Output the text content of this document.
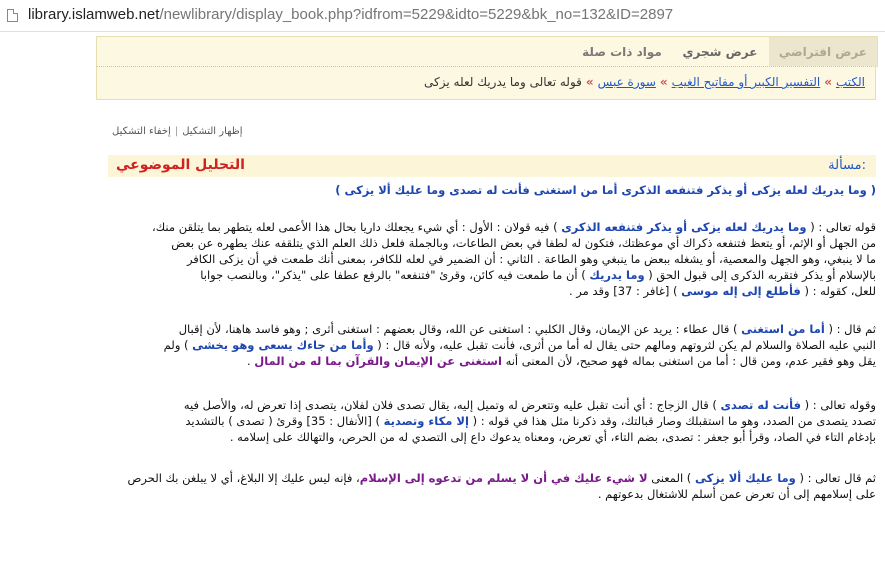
library.islamweb.net/newlibrary/display_book.php?idfrom=5229&idto=5229&bk_no=132&ID=2897
عرض افتراضي
عرض شجري
مواد ذات صلة
الكتب»التفسير الكبير أو مفاتيح الغيب»سورة عبس»قوله تعالى وما يدريك لعله يزكى
إظهار التشكيل|إخفاء التشكيل
مسألة:
التحليل الموضوعي
( وما يدريك لعله يزكى أو يذكر فتنفعه الذكرى أما من استغنى فأنت له تصدى وما عليك ألا يزكى )
قوله تعالى : ( وما يدريك لعله يزكى أو يذكر فتنفعه الذكرى ) فيه قولان : الأول : أي شيء يجعلك داريا بحال هذا الأعمى لعله يتطهر بما يتلقن منك،
من الجهل أو الإثم، أو يتعظ فتنفعه ذكراك أي موعظتك، فتكون له لطفا في بعض الطاعات، وبالجملة فلعل ذلك العلم الذي يتلقفه عنك يطهره عن بعض
ما لا ينبغي، وهو الجهل والمعصية، أو يشغله ببعض ما ينبغي وهو الطاعة . الثاني : أن الضمير في لعله للكافر، بمعنى أنك طمعت في أن يزكى الكافر
بالإسلام أو يذكر فتقربه الذكرى إلى قبول الحق ( وما يدريك ) أن ما طمعت فيه كائن، وقرئ "فتنفعه" بالرفع عطفا على "يذكر"، وبالنصب جوابا
للعل، كقوله : ( فأطلع إلى إله موسى ) [غافر : 37] وقد مر .
ثم قال : ( أما من استغنى ) قال عطاء : يريد عن الإيمان، وقال الكلبي : استغنى عن الله، وقال بعضهم : استغنى أثرى ; وهو فاسد هاهنا، لأن إقبال
النبي عليه الصلاة والسلام لم يكن لثروتهم ومالهم حتى يقال له أما من أثرى، فأنت تقبل عليه، ولأنه قال : ( وأما من جاءك يسعى وهو يخشى ) ولم
يقل وهو فقير عدم، ومن قال : أما من استغنى بماله فهو صحيح، لأن المعنى أنه استغنى عن الإيمان والقرآن بما له من المال .
وقوله تعالى : ( فأنت له تصدى ) قال الزجاج : أي أنت تقبل عليه وتتعرض له وتميل إليه، يقال تصدى فلان لفلان، يتصدى إذا تعرض له، والأصل فيه
تصدد يتصدى من الصدد، وهو ما استقبلك وصار قبالتك، وقد ذكرنا مثل هذا في قوله : ( إلا مكاء وتصدية ) [الأنفال : 35] وقرئ ( تصدى ) بالتشديد
بإدغام التاء في الصاد، وقرأ أبو جعفر : تصدى، بضم التاء، أي تعرض، ومعناه يدعوك داع إلى التصدي له من الحرص، والتهالك على إسلامه .
ثم قال تعالى : ( وما عليك ألا يزكى ) المعنى لا شيء عليك في أن لا يسلم من تدعوه إلى الإسلام، فإنه ليس عليك إلا البلاغ، أي لا يبلغن بك الحرص
على إسلامهم إلى أن تعرض عمن أسلم للاشتغال بدعوتهم .
